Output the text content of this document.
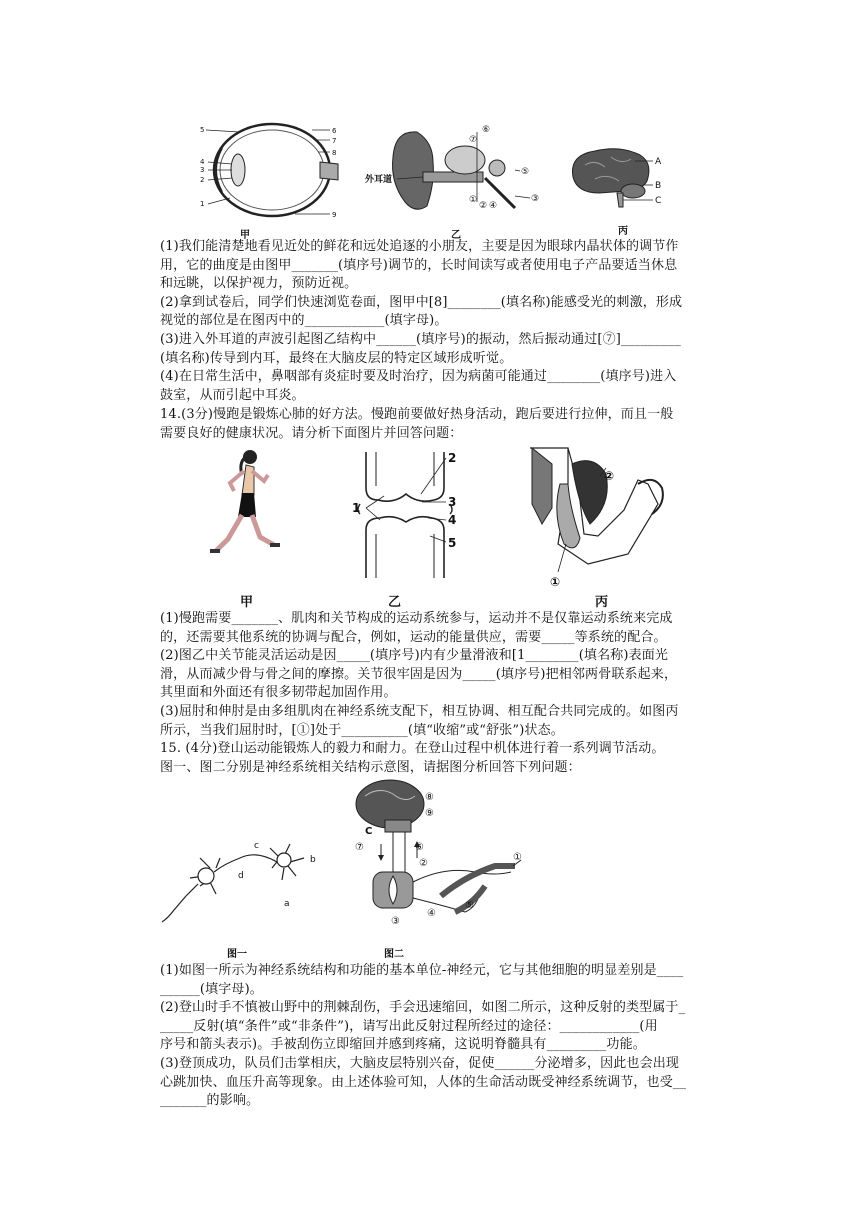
1
2
3
4
5	6
7
8
9
甲
外耳道
①
②
③
④
⑤
⑥
⑦
乙
A
B
C
丙

(1)我们能清楚地看见近处的鲜花和远处追逐的小朋友，主要是因为眼球内晶状体的调节作

用，它的曲度是由图甲_______(填序号)调节的，长时间读写或者使用电子产品要适当休息

和远眺，以保护视力，预防近视。

(2)拿到试卷后，同学们快速浏览卷面，图甲中[8]________(填名称)能感受光的刺激，形成

视觉的部位是在图丙中的____________(填字母)。

(3)进入外耳道的声波引起图乙结构中______(填序号)的振动，然后振动通过[⑦]_________

(填名称)传导到内耳，最终在大脑皮层的特定区域形成听觉。

(4)在日常生活中，鼻咽部有炎症时要及时治疗，因为病菌可能通过________(填序号)进入

鼓室，从而引起中耳炎。

14.(3分)慢跑是锻炼心肺的好方法。慢跑前要做好热身活动，跑后要进行拉伸，而且一般

需要良好的健康状况。请分析下面图片并回答问题：

甲
1
2
3
4
5
乙
②
①
丙

(1)慢跑需要_______、肌肉和关节构成的运动系统参与，运动并不是仅靠运动系统来完成

的，还需要其他系统的协调与配合，例如，运动的能量供应，需要_____等系统的配合。

(2)图乙中关节能灵活运动是因_____(填序号)内有少量滑液和[1________(填名称)表面光

滑，从而减少骨与骨之间的摩擦。关节很牢固是因为_____(填序号)把相邻两骨联系起来，

其里面和外面还有很多韧带起加固作用。

(3)屈肘和伸肘是由多组肌肉在神经系统支配下，相互协调、相互配合共同完成的。如图丙

所示，当我们屈肘时，[①]处于__________(填“收缩”或“舒张”)状态。

15. (4分)登山运动能锻炼人的毅力和耐力。在登山过程中机体进行着一系列调节活动。

图一、图二分别是神经系统相关结构示意图，请据图分析回答下列问题：

a
b
c
d
图一
⑧
⑨
C
⑥
⑦
②
①
③
④
⑤
图二

(1)如图一所示为神经系统结构和功能的基本单位-神经元，它与其他细胞的明显差别是____

______(填字母)。

(2)登山时手不慎被山野中的荆棘刮伤，手会迅速缩回，如图二所示，这种反射的类型属于_

_____反射(填“条件”或“非条件”)，请写出此反射过程所经过的途径：____________(用

序号和箭头表示)。手被刮伤立即缩回并感到疼痛，这说明脊髓具有_________功能。

(3)登顶成功，队员们击掌相庆，大脑皮层特别兴奋，促使______分泌增多，因此也会出现

心跳加快、血压升高等现象。由上述体验可知，人体的生命活动既受神经系统调节，也受__

_______的影响。
